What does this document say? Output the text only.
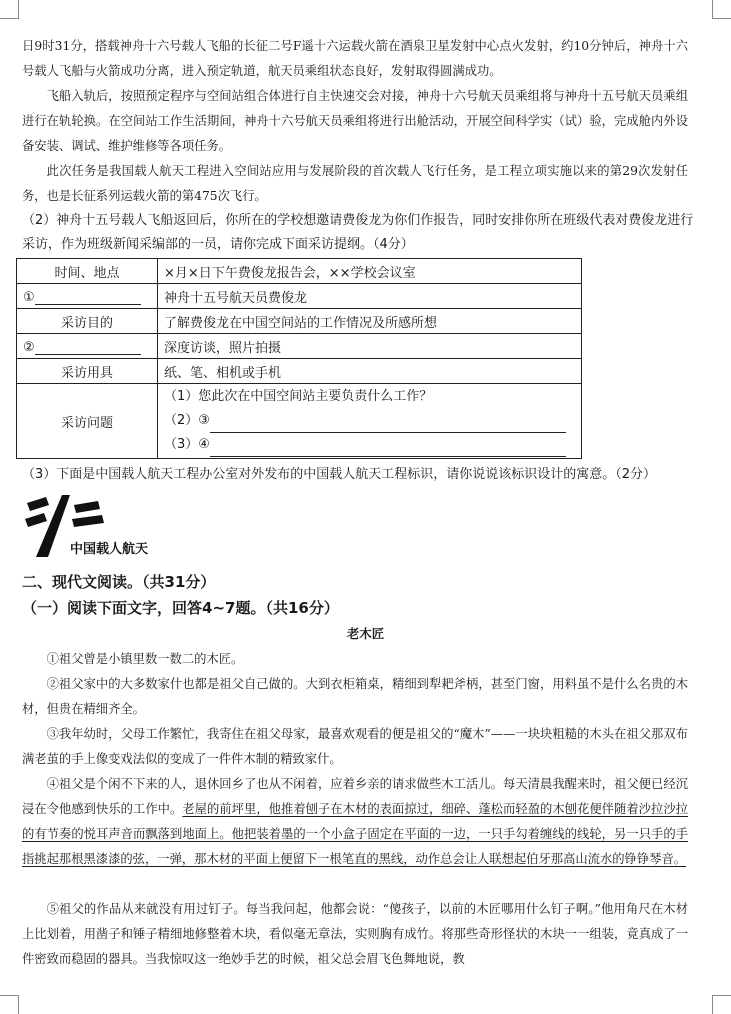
日9时31分，搭载神舟十六号载人飞船的长征二号F遥十六运载火箭在酒泉卫星发射中心点火发射，约10分钟后，神舟十六号载人飞船与火箭成功分离，进入预定轨道，航天员乘组状态良好，发射取得圆满成功。

飞船入轨后，按照预定程序与空间站组合体进行自主快速交会对接，神舟十六号航天员乘组将与神舟十五号航天员乘组进行在轨轮换。在空间站工作生活期间，神舟十六号航天员乘组将进行出舱活动，开展空间科学实（试）验，完成舱内外设备安装、调试、维护维修等各项任务。

此次任务是我国载人航天工程进入空间站应用与发展阶段的首次载人飞行任务，是工程立项实施以来的第29次发射任务，也是长征系列运载火箭的第475次飞行。

（2）神舟十五号载人飞船返回后，你所在的学校想邀请费俊龙为你们作报告，同时安排你所在班级代表对费俊龙进行采访，作为班级新闻采编部的一员，请你完成下面采访提纲。（4分）

时间、地点	×月×日下午费俊龙报告会，××学校会议室
①	神舟十五号航天员费俊龙
采访目的	了解费俊龙在中国空间站的工作情况及所感所想
②	深度访谈，照片拍摄
采访用具	纸、笔、相机或手机
采访问题	（1）您此次在中国空间站主要负责什么工作？
（2）③
（3）④

（3）下面是中国载人航天工程办公室对外发布的中国载人航天工程标识，请你说说该标识设计的寓意。（2分）

中国载人航天
二、现代文阅读。（共31分）
（一）阅读下面文字，回答4~7题。（共16分）

老木匠

①祖父曾是小镇里数一数二的木匠。

②祖父家中的大多数家什也都是祖父自己做的。大到衣柜箱桌，精细到犁耙斧柄，甚至门窗，用料虽不是什么名贵的木材，但贵在精细齐全。

③我年幼时，父母工作繁忙，我寄住在祖父母家，最喜欢观看的便是祖父的“魔木”——一块块粗糙的木头在祖父那双布满老茧的手上像变戏法似的变成了一件件木制的精致家什。

④祖父是个闲不下来的人，退休回乡了也从不闲着，应着乡亲的请求做些木工活儿。每天清晨我醒来时，祖父便已经沉浸在令他感到快乐的工作中。老屋的前坪里，他推着刨子在木材的表面掠过，细碎、蓬松而轻盈的木刨花便伴随着沙拉沙拉的有节奏的悦耳声音而飘落到地面上。他把装着墨的一个小盒子固定在平面的一边，一只手勾着缠线的线轮，另一只手的手指挑起那根黑漆漆的弦，一弹，那木材的平面上便留下一根笔直的黑线，动作总会让人联想起伯牙那高山流水的铮铮琴音。

⑤祖父的作品从来就没有用过钉子。每当我问起，他都会说：“傻孩子，以前的木匠哪用什么钉子啊。”他用角尺在木材上比划着，用凿子和锤子精细地修整着木块，看似毫无章法，实则胸有成竹。将那些奇形怪状的木块一一组装，竟真成了一件密致而稳固的器具。当我惊叹这一绝妙手艺的时候，祖父总会眉飞色舞地说，教
